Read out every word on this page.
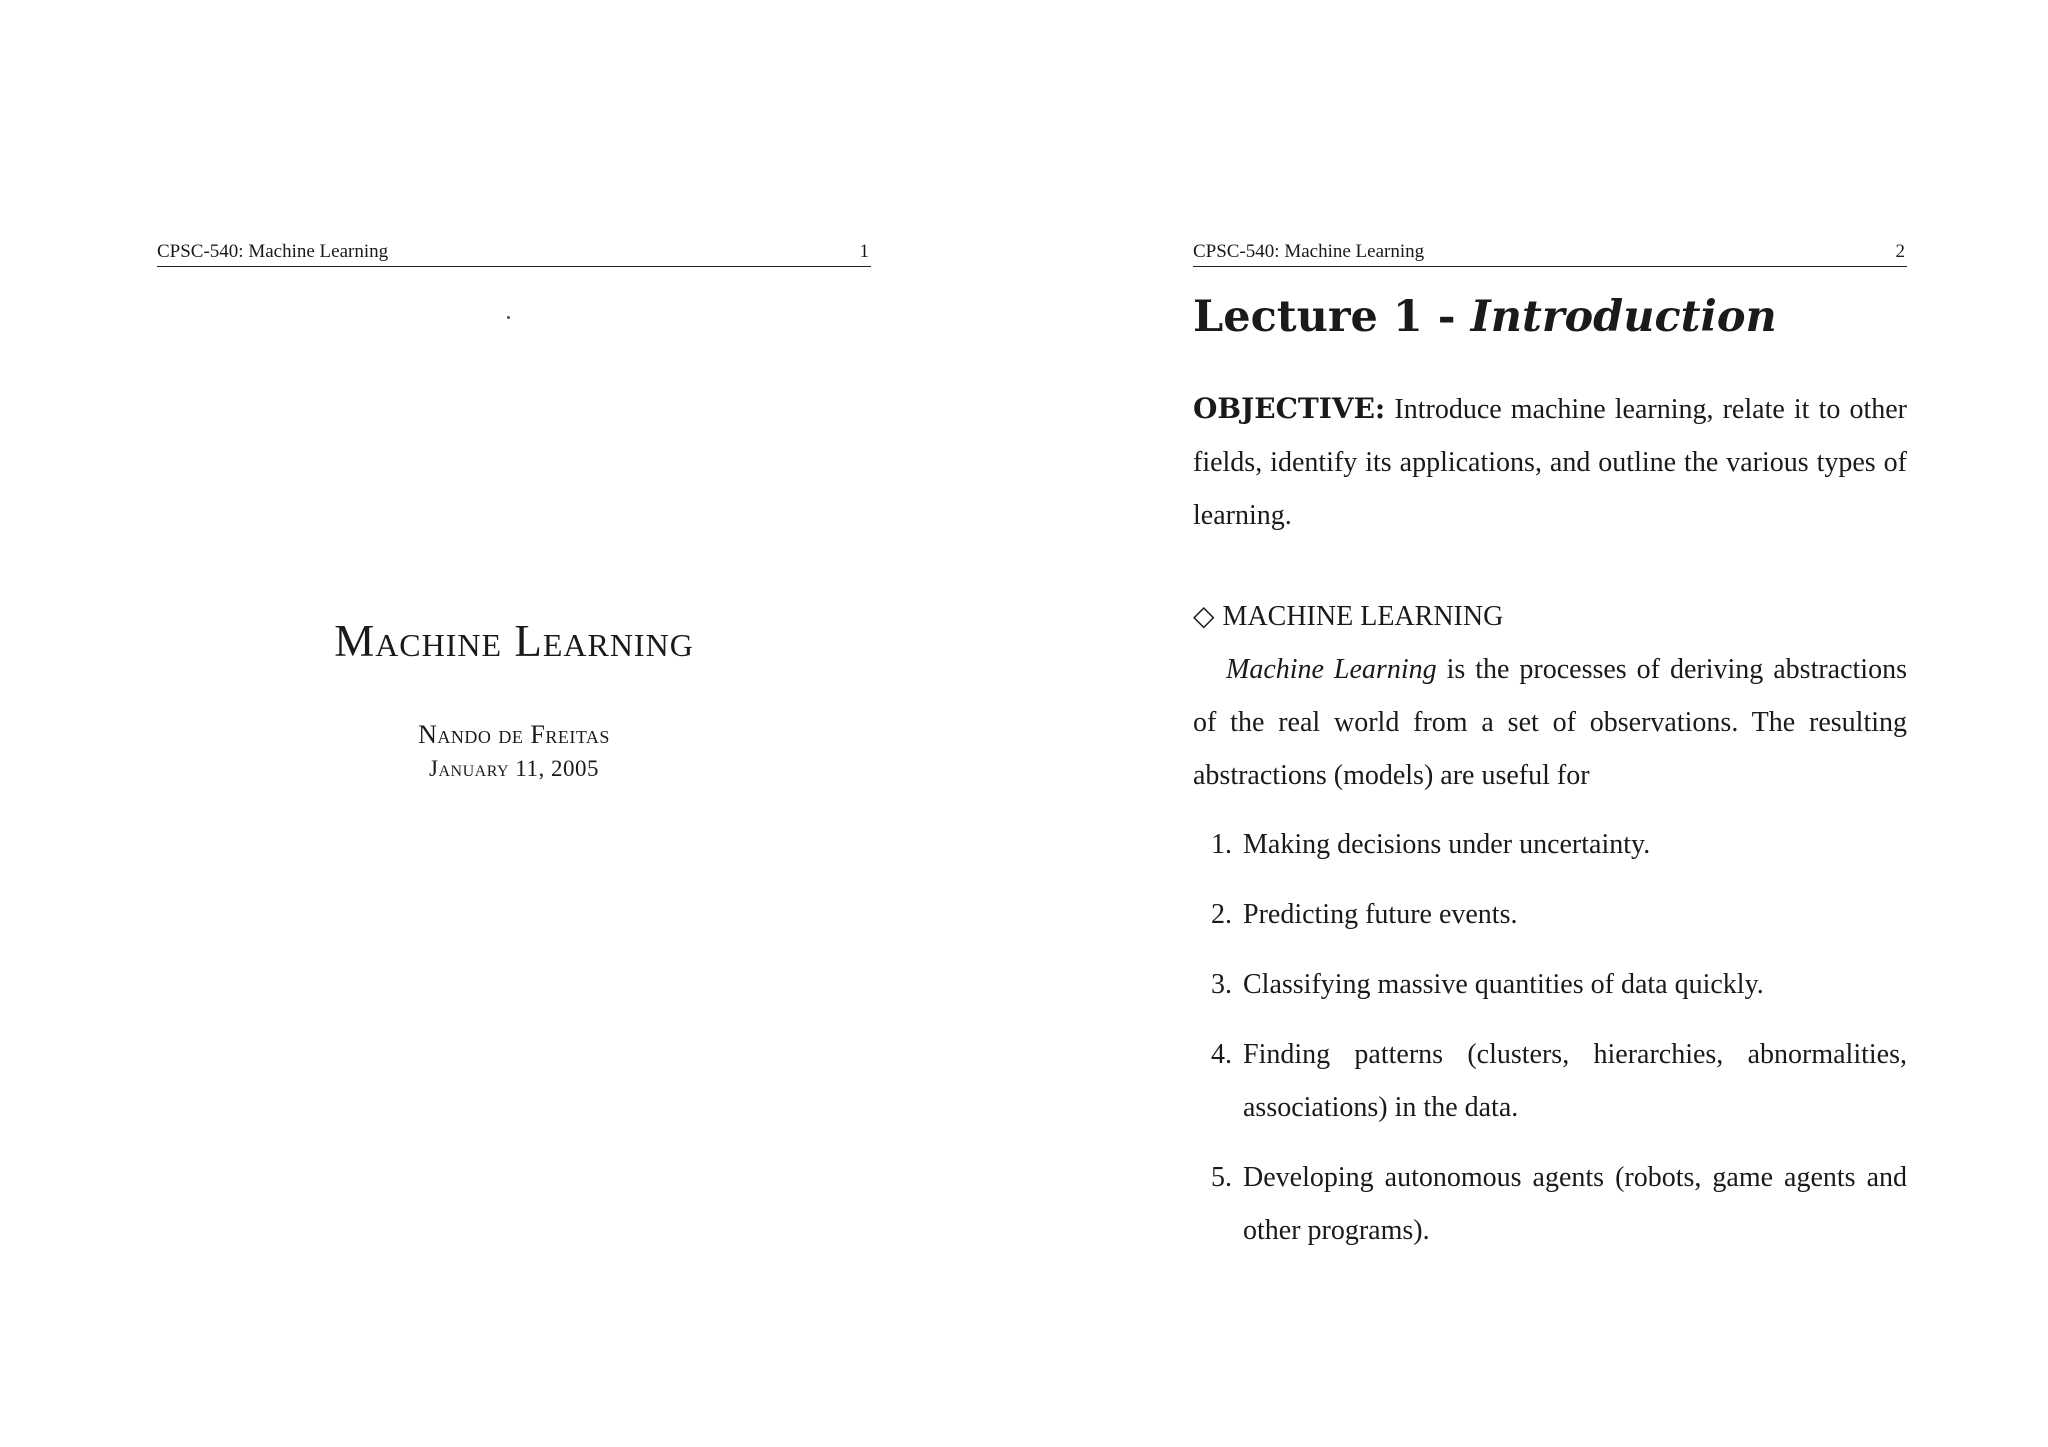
CPSC-540: Machine Learning	1
Machine Learning
Nando de Freitas
January 11, 2005
CPSC-540: Machine Learning	2
Lecture 1 - Introduction

OBJECTIVE: Introduce machine learning, relate it to other fields, identify its applications, and outline the various types of learning.

◇ MACHINE LEARNING

Machine Learning is the processes of deriving abstractions of the real world from a set of observations. The resulting abstractions (models) are useful for

1. Making decisions under uncertainty.
2. Predicting future events.
3. Classifying massive quantities of data quickly.
4. Finding patterns (clusters, hierarchies, abnormalities, associations) in the data.
5. Developing autonomous agents (robots, game agents and other programs).
